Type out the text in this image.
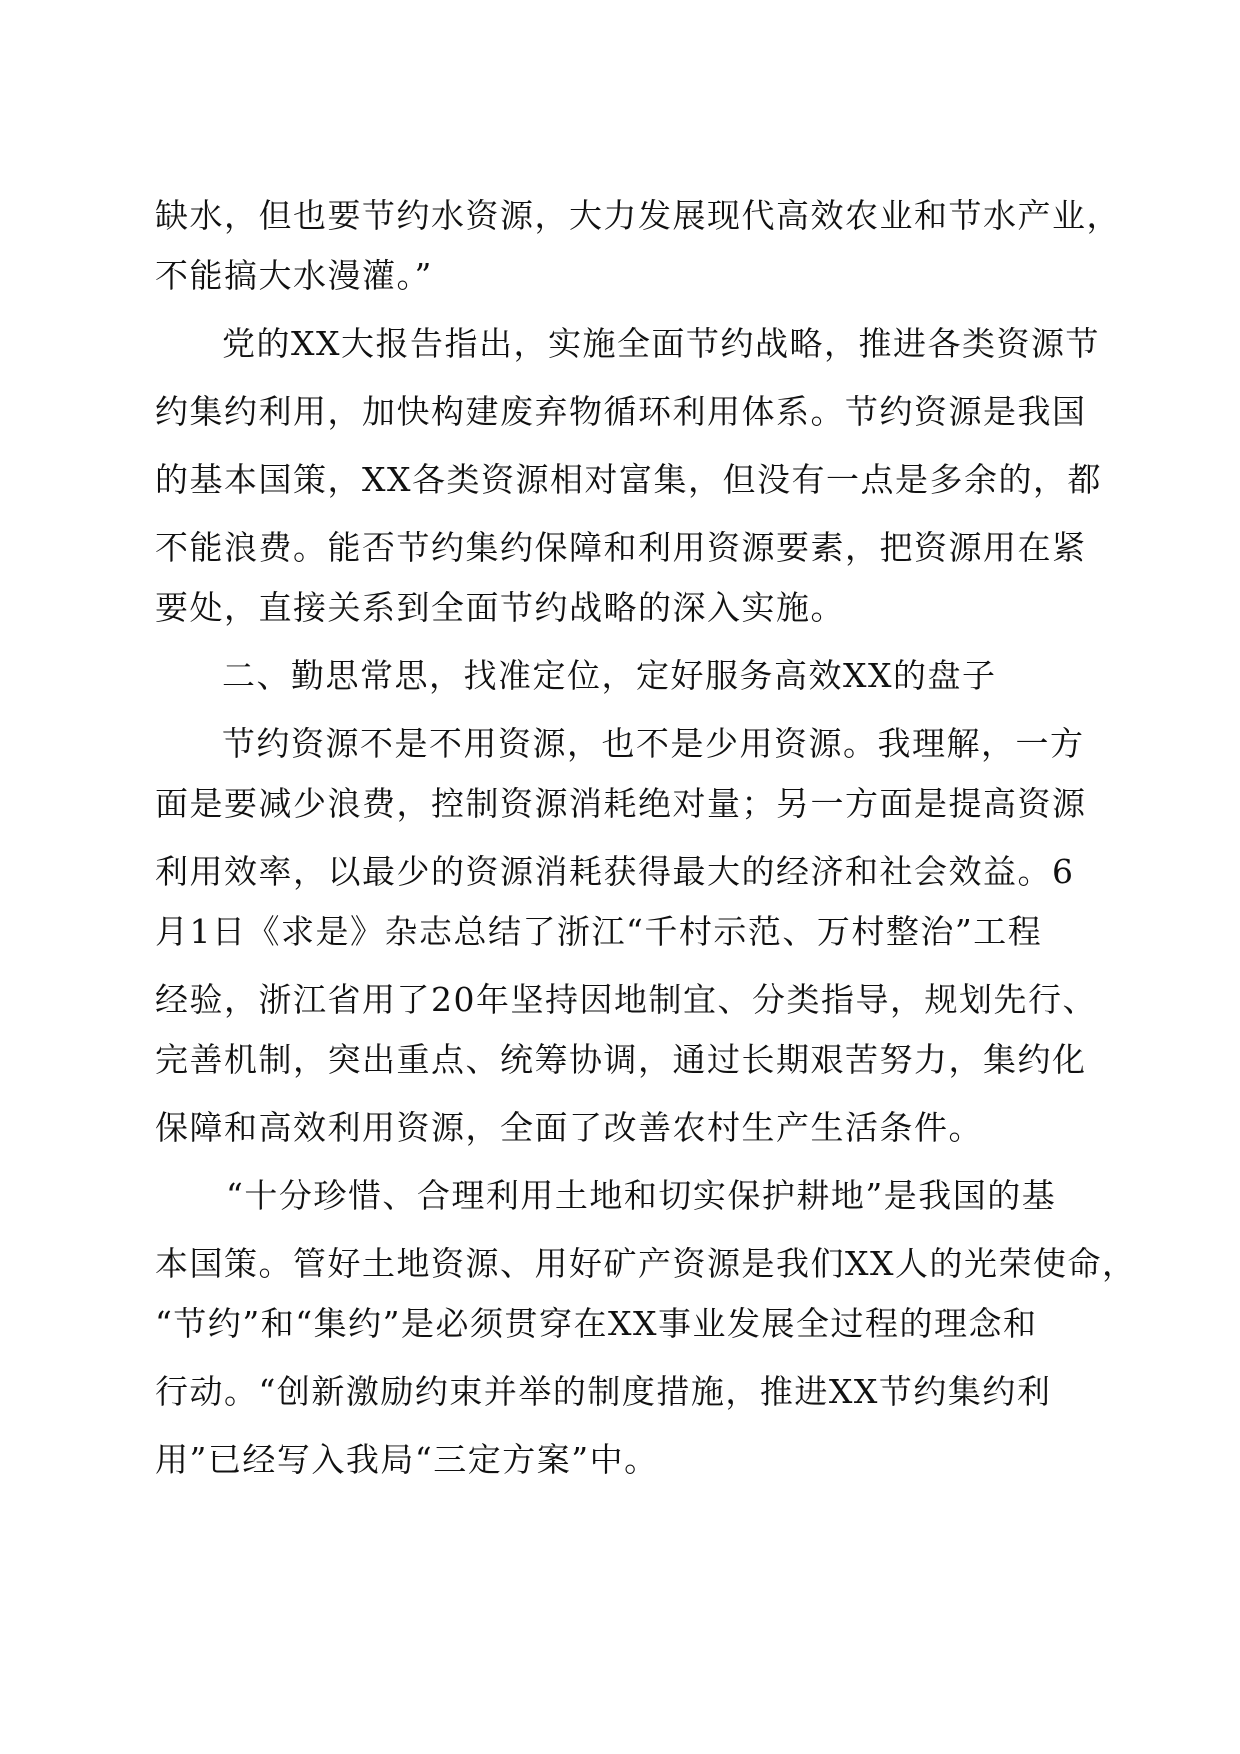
缺水，但也要节约水资源，大力发展现代高效农业和节水产业，
不能搞大水漫灌。”
党的XX大报告指出，实施全面节约战略，推进各类资源节
约集约利用，加快构建废弃物循环利用体系。节约资源是我国
的基本国策，XX各类资源相对富集，但没有一点是多余的，都
不能浪费。能否节约集约保障和利用资源要素，把资源用在紧
要处，直接关系到全面节约战略的深入实施。
二、勤思常思，找准定位，定好服务高效XX的盘子
节约资源不是不用资源，也不是少用资源。我理解，一方
面是要减少浪费，控制资源消耗绝对量；另一方面是提高资源
利用效率，以最少的资源消耗获得最大的经济和社会效益。6
月1日《求是》杂志总结了浙江“千村示范、万村整治”工程
经验，浙江省用了20年坚持因地制宜、分类指导，规划先行、
完善机制，突出重点、统筹协调，通过长期艰苦努力，集约化
保障和高效利用资源，全面了改善农村生产生活条件。
“十分珍惜、合理利用土地和切实保护耕地”是我国的基
本国策。管好土地资源、用好矿产资源是我们XX人的光荣使命，
“节约”和“集约”是必须贯穿在XX事业发展全过程的理念和
行动。“创新激励约束并举的制度措施，推进XX节约集约利
用”已经写入我局“三定方案”中。
